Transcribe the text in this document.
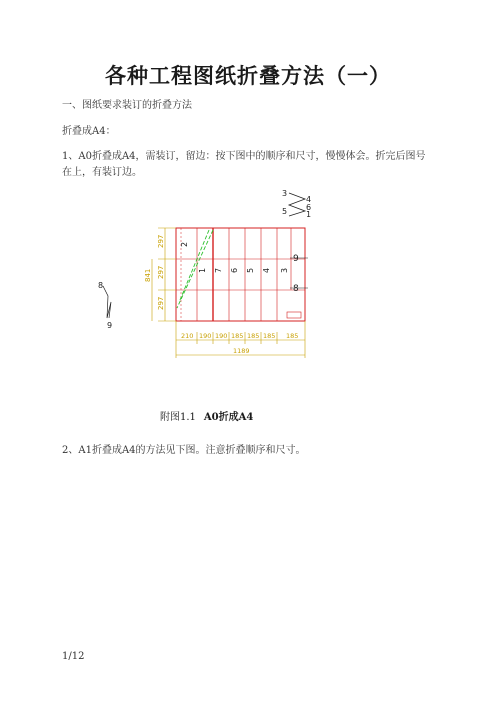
各种工程图纸折叠方法（一）
一、图纸要求装订的折叠方法
折叠成A4：
1、A0折叠成A4，需装订，留边：按下图中的顺序和尺寸，慢慢体会。折完后图号在上，有装订边。
3
4
5 6
1
2
1 7 6 5 4 3
9
8
8
9
297
297
297
841
210 190 190 185 185 185 185
1189
附图1.1 A0折成A4
2、A1折叠成A4的方法见下图。注意折叠顺序和尺寸。
1/12
